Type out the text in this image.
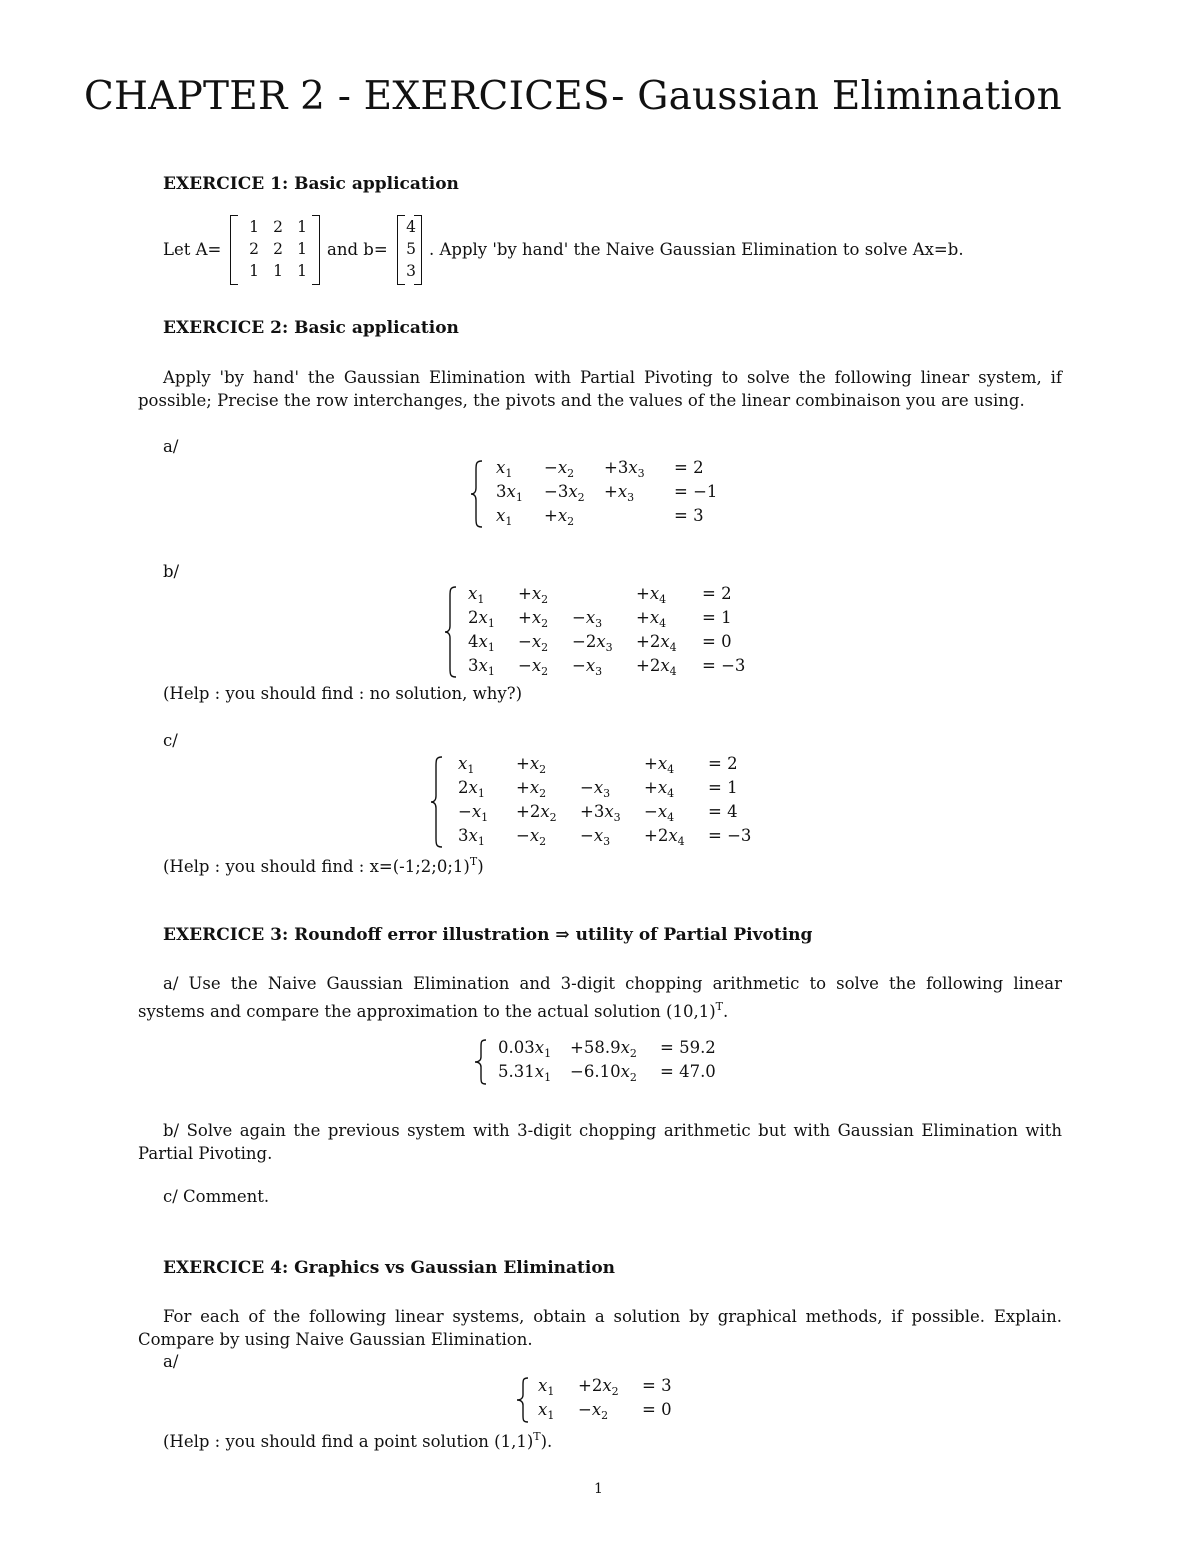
CHAPTER 2 - EXERCICES- Gaussian Elimination
EXERCICE 1: Basic application
Let A=
1 2 1
2 2 1
1 1 1
and b=
4
5
3
. Apply 'by hand' the Naive Gaussian Elimination to solve Ax=b.
EXERCICE 2: Basic application
Apply 'by hand' the Gaussian Elimination with Partial Pivoting to solve the following linear system, if possible; Precise the row interchanges, the pivots and the values of the linear combinaison you are using.
a/
$x_1 -x_2 +3x_3 = 2$
$3x_1 -3x_2 +x_3 = -1$
$x_1 +x_2$	= 3
b/
$x_1 +x_2$	$+x_4 = 2$
$2x_1 +x_2 -x_3 +x_4 = 1$
$4x_1 -x_2 -2x_3 +2x_4 = 0$
$3x_1 -x_2 -x_3 +2x_4 = -3$
(Help : you should find : no solution, why?)
c/
$x_1$	$+x_2$	$+x_4 = 2$
$2x_1 +x_2 -x_3 +x_4 = 1$
$-x_1 +2x_2 +3x_3 -x_4 = 4$
$3x_1 -x_2 -x_3 +2x_4 = -3$
(Help : you should find : x=(-1;2;0;1)$^T$)
EXERCICE 3: Roundoff error illustration ⇒ utility of Partial Pivoting
a/ Use the Naive Gaussian Elimination and 3-digit chopping arithmetic to solve the following linear systems and compare the approximation to the actual solution $(10,1)^T$.
$0.03x_1 +58.9x_2 = 59.2$
$5.31x_1 -6.10x_2 = 47.0$
b/ Solve again the previous system with 3-digit chopping arithmetic but with Gaussian Elimination with Partial Pivoting.
c/ Comment.
EXERCICE 4: Graphics vs Gaussian Elimination
For each of the following linear systems, obtain a solution by graphical methods, if possible. Explain. Compare by using Naive Gaussian Elimination.
a/
$x_1 +2x_2 = 3$
$x_1 -x_2 = 0$
(Help : you should find a point solution $(1,1)^T$).
1
